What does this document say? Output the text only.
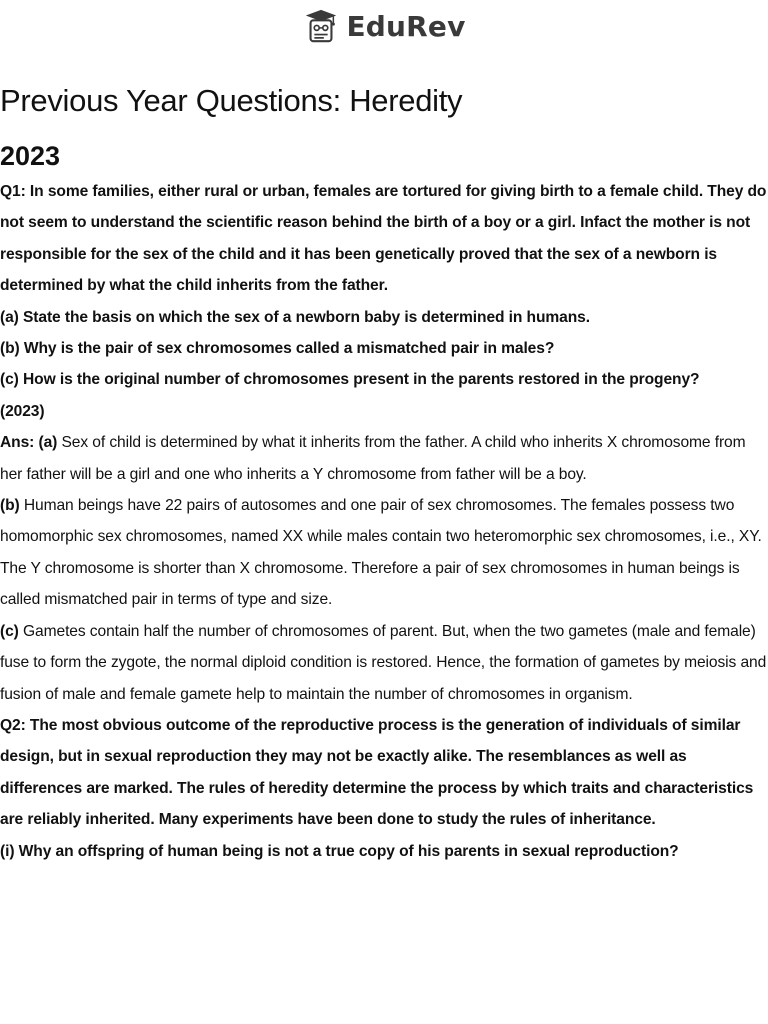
EduRev
Previous Year Questions: Heredity
2023

Q1: In some families, either rural or urban, females are tortured for giving birth to a female child. They do not seem to understand the scientific reason behind the birth of a boy or a girl. Infact the mother is not responsible for the sex of the child and it has been genetically proved that the sex of a newborn is determined by what the child inherits from the father.

(a) State the basis on which the sex of a newborn baby is determined in humans.

(b) Why is the pair of sex chromosomes called a mismatched pair in males?

(c) How is the original number of chromosomes present in the parents restored in the progeny?

(2023)

Ans: (a) Sex of child is determined by what it inherits from the father. A child who inherits X chromosome from her father will be a girl and one who inherits a Y chromosome from father will be a boy.

(b) Human beings have 22 pairs of autosomes and one pair of sex chromosomes. The females possess two homomorphic sex chromosomes, named XX while males contain two heteromorphic sex chromosomes, i.e., XY. The Y chromosome is shorter than X chromosome. Therefore a pair of sex chromosomes in human beings is called mismatched pair in terms of type and size.

(c) Gametes contain half the number of chromosomes of parent. But, when the two gametes (male and female) fuse to form the zygote, the normal diploid condition is restored. Hence, the formation of gametes by meiosis and fusion of male and female gamete help to maintain the number of chromosomes in organism.

Q2: The most obvious outcome of the reproductive process is the generation of individuals of similar design, but in sexual reproduction they may not be exactly alike. The resemblances as well as differences are marked. The rules of heredity determine the process by which traits and characteristics are reliably inherited. Many experiments have been done to study the rules of inheritance.

(i) Why an offspring of human being is not a true copy of his parents in sexual reproduction?
